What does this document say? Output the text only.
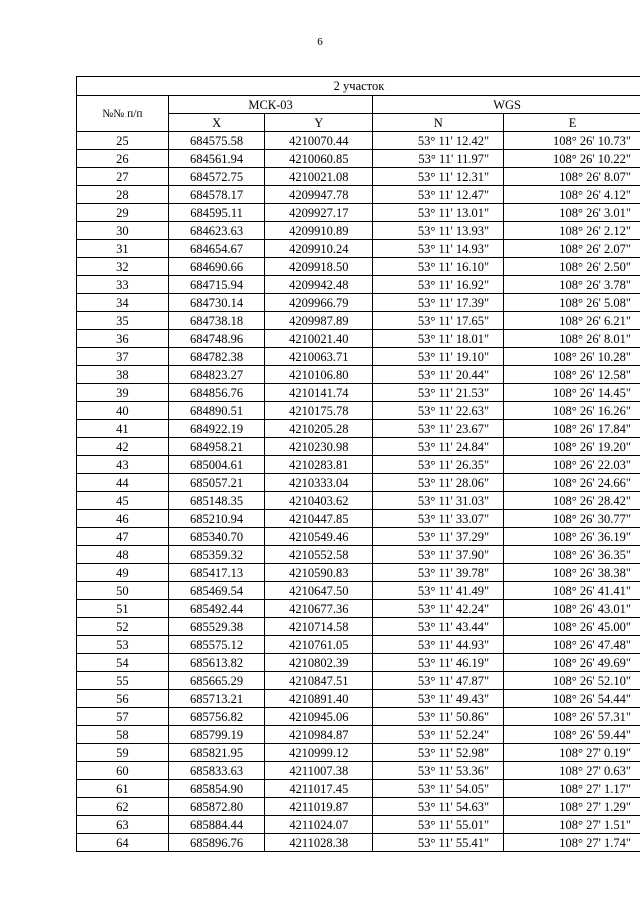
6
2 участок				
№№ п/п	МСК-03		WGS	
	X	Y	N	E
25	684575.58	4210070.44	53° 11' 12.42"	108° 26' 10.73"
26	684561.94	4210060.85	53° 11' 11.97"	108° 26' 10.22"
27	684572.75	4210021.08	53° 11' 12.31"	108° 26' 8.07"
28	684578.17	4209947.78	53° 11' 12.47"	108° 26' 4.12"
29	684595.11	4209927.17	53° 11' 13.01"	108° 26' 3.01"
30	684623.63	4209910.89	53° 11' 13.93"	108° 26' 2.12"
31	684654.67	4209910.24	53° 11' 14.93"	108° 26' 2.07"
32	684690.66	4209918.50	53° 11' 16.10"	108° 26' 2.50"
33	684715.94	4209942.48	53° 11' 16.92"	108° 26' 3.78"
34	684730.14	4209966.79	53° 11' 17.39"	108° 26' 5.08"
35	684738.18	4209987.89	53° 11' 17.65"	108° 26' 6.21"
36	684748.96	4210021.40	53° 11' 18.01"	108° 26' 8.01"
37	684782.38	4210063.71	53° 11' 19.10"	108° 26' 10.28"
38	684823.27	4210106.80	53° 11' 20.44"	108° 26' 12.58"
39	684856.76	4210141.74	53° 11' 21.53"	108° 26' 14.45"
40	684890.51	4210175.78	53° 11' 22.63"	108° 26' 16.26"
41	684922.19	4210205.28	53° 11' 23.67"	108° 26' 17.84"
42	684958.21	4210230.98	53° 11' 24.84"	108° 26' 19.20"
43	685004.61	4210283.81	53° 11' 26.35"	108° 26' 22.03"
44	685057.21	4210333.04	53° 11' 28.06"	108° 26' 24.66"
45	685148.35	4210403.62	53° 11' 31.03"	108° 26' 28.42"
46	685210.94	4210447.85	53° 11' 33.07"	108° 26' 30.77"
47	685340.70	4210549.46	53° 11' 37.29"	108° 26' 36.19"
48	685359.32	4210552.58	53° 11' 37.90"	108° 26' 36.35"
49	685417.13	4210590.83	53° 11' 39.78"	108° 26' 38.38"
50	685469.54	4210647.50	53° 11' 41.49"	108° 26' 41.41"
51	685492.44	4210677.36	53° 11' 42.24"	108° 26' 43.01"
52	685529.38	4210714.58	53° 11' 43.44"	108° 26' 45.00"
53	685575.12	4210761.05	53° 11' 44.93"	108° 26' 47.48"
54	685613.82	4210802.39	53° 11' 46.19"	108° 26' 49.69"
55	685665.29	4210847.51	53° 11' 47.87"	108° 26' 52.10"
56	685713.21	4210891.40	53° 11' 49.43"	108° 26' 54.44"
57	685756.82	4210945.06	53° 11' 50.86"	108° 26' 57.31"
58	685799.19	4210984.87	53° 11' 52.24"	108° 26' 59.44"
59	685821.95	4210999.12	53° 11' 52.98"	108° 27' 0.19"
60	685833.63	4211007.38	53° 11' 53.36"	108° 27' 0.63"
61	685854.90	4211017.45	53° 11' 54.05"	108° 27' 1.17"
62	685872.80	4211019.87	53° 11' 54.63"	108° 27' 1.29"
63	685884.44	4211024.07	53° 11' 55.01"	108° 27' 1.51"
64	685896.76	4211028.38	53° 11' 55.41"	108° 27' 1.74"
